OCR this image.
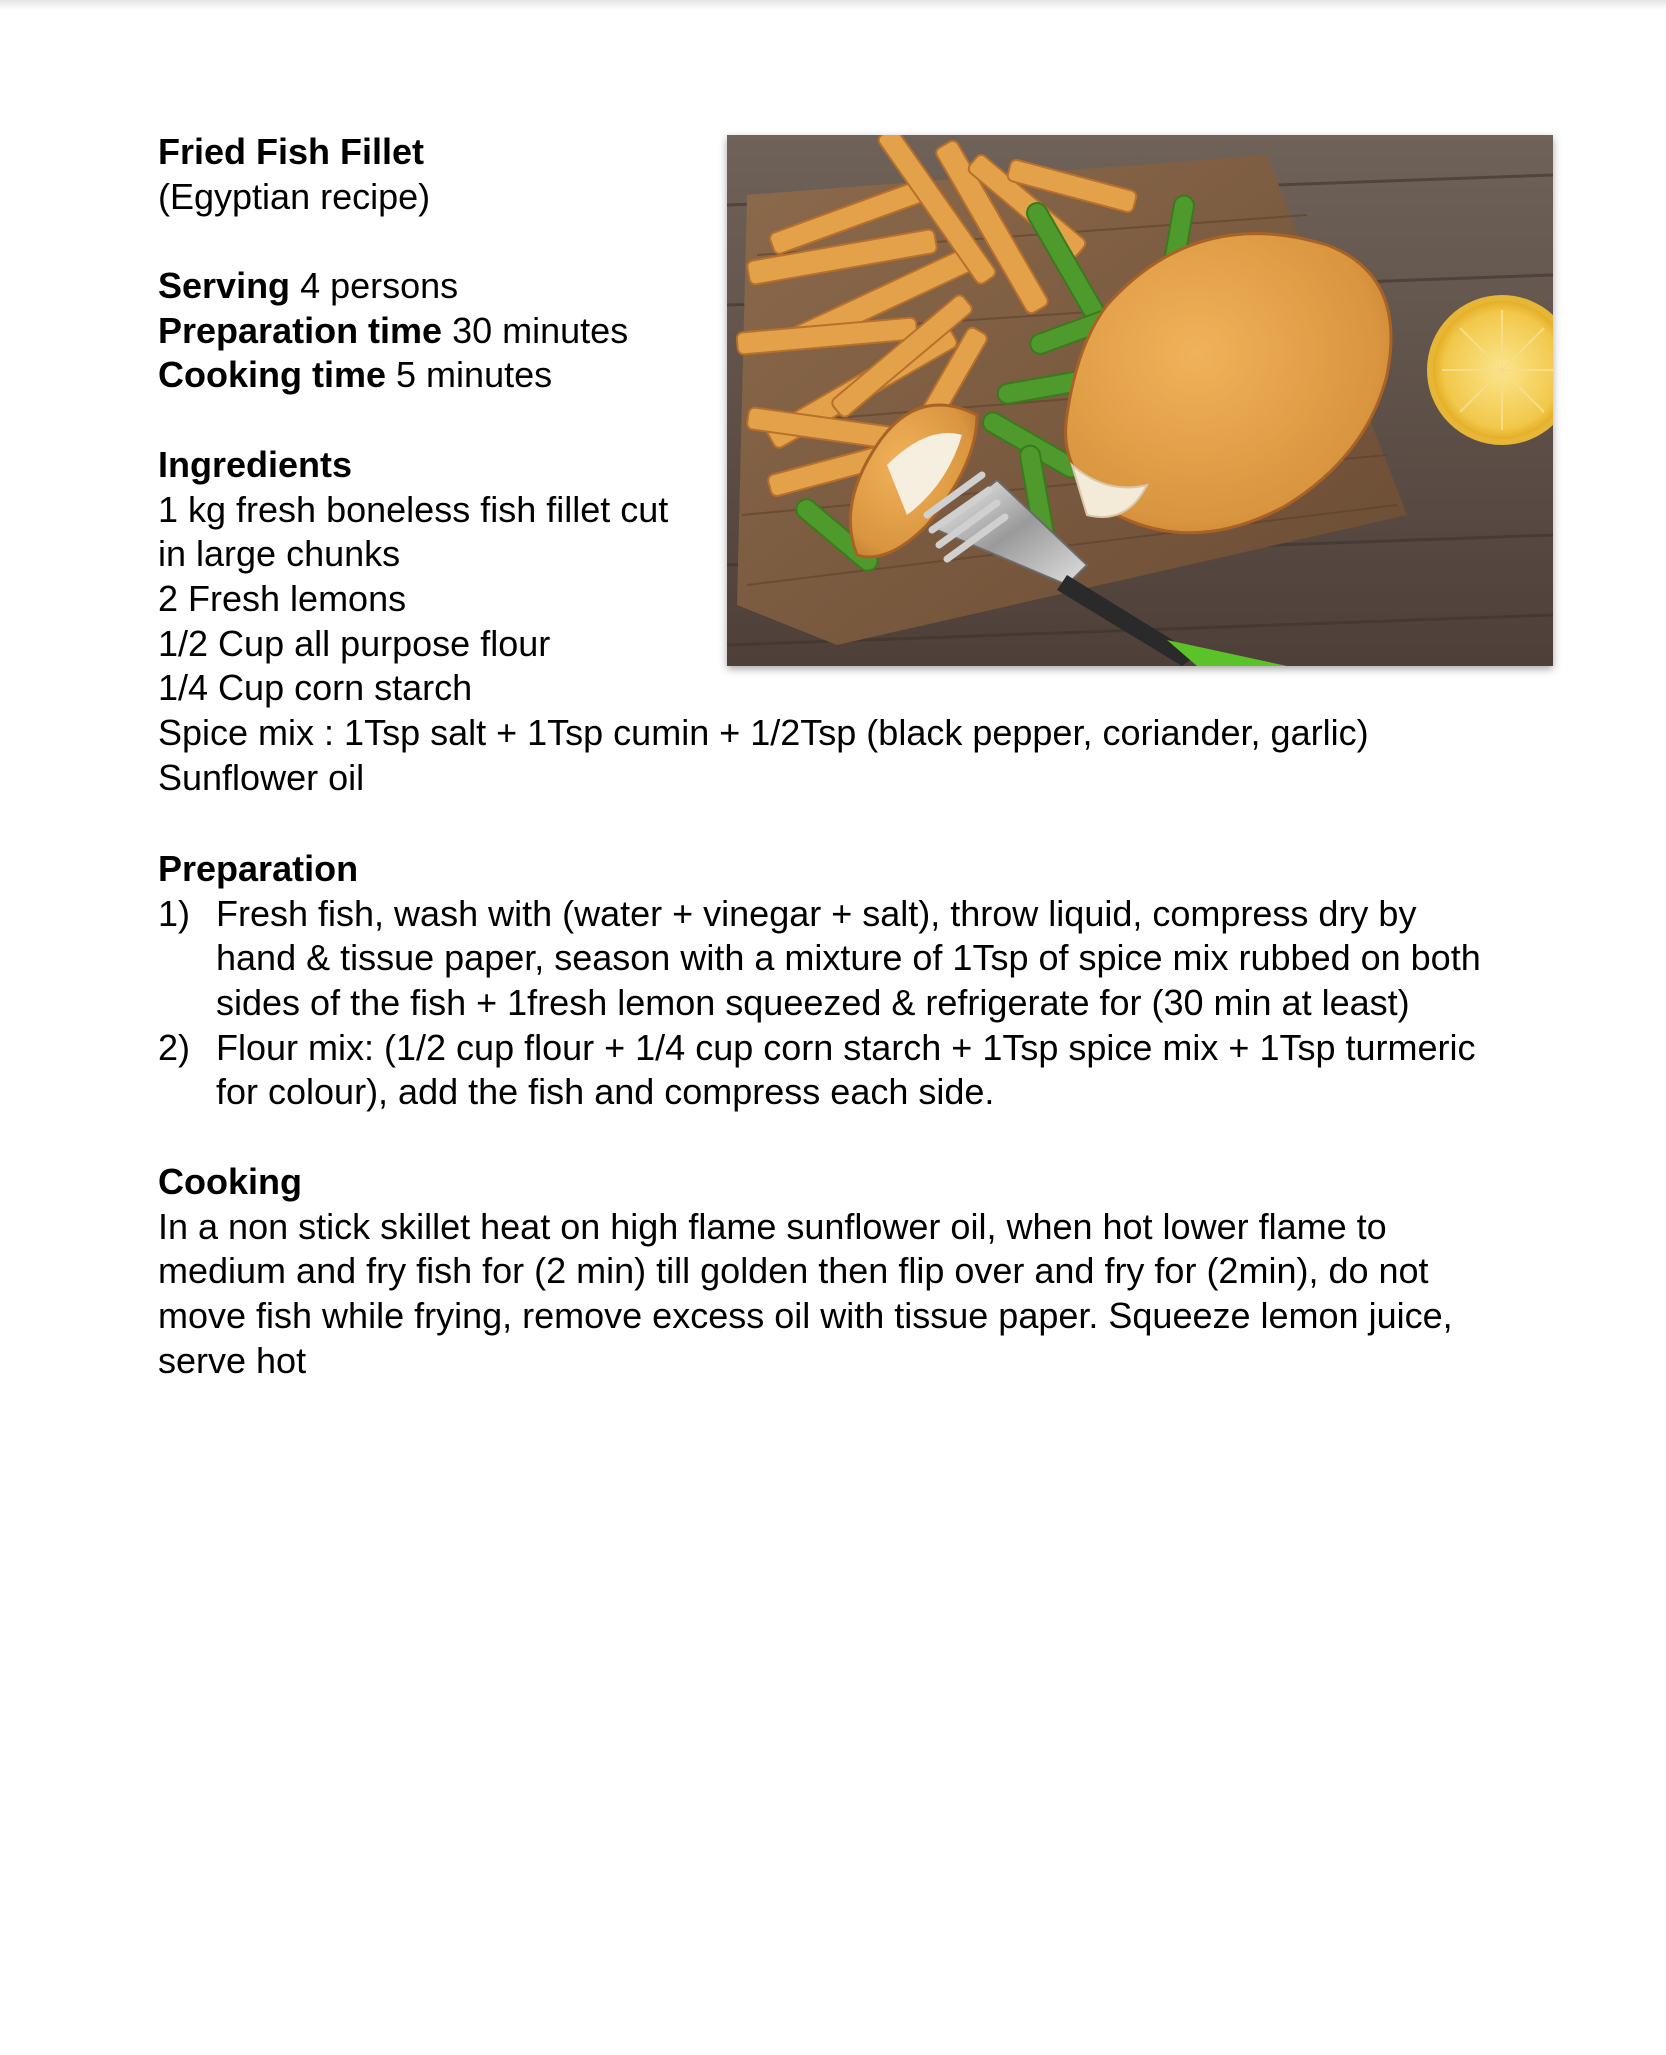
Fried Fish Fillet
(Egyptian recipe)
Serving 4 persons
Preparation time 30 minutes
Cooking time 5 minutes
Ingredients
1 kg fresh boneless fish fillet cut
in large chunks
2 Fresh lemons
1/2 Cup all purpose flour
1/4 Cup corn starch
Spice mix : 1Tsp salt + 1Tsp cumin + 1/2Tsp (black pepper, coriander, garlic)
Sunflower oil
Preparation
1) Fresh fish, wash with (water + vinegar + salt), throw liquid, compress dry by
hand & tissue paper, season with a mixture of 1Tsp of spice mix rubbed on both
sides of the fish + 1fresh lemon squeezed & refrigerate for (30 min at least)
2) Flour mix: (1/2 cup flour + 1/4 cup corn starch + 1Tsp spice mix + 1Tsp turmeric
for colour), add the fish and compress each side.
Cooking
In a non stick skillet heat on high flame sunflower oil, when hot lower flame to
medium and fry fish for (2 min) till golden then flip over and fry for (2min), do not
move fish while frying, remove excess oil with tissue paper. Squeeze lemon juice,
serve hot
